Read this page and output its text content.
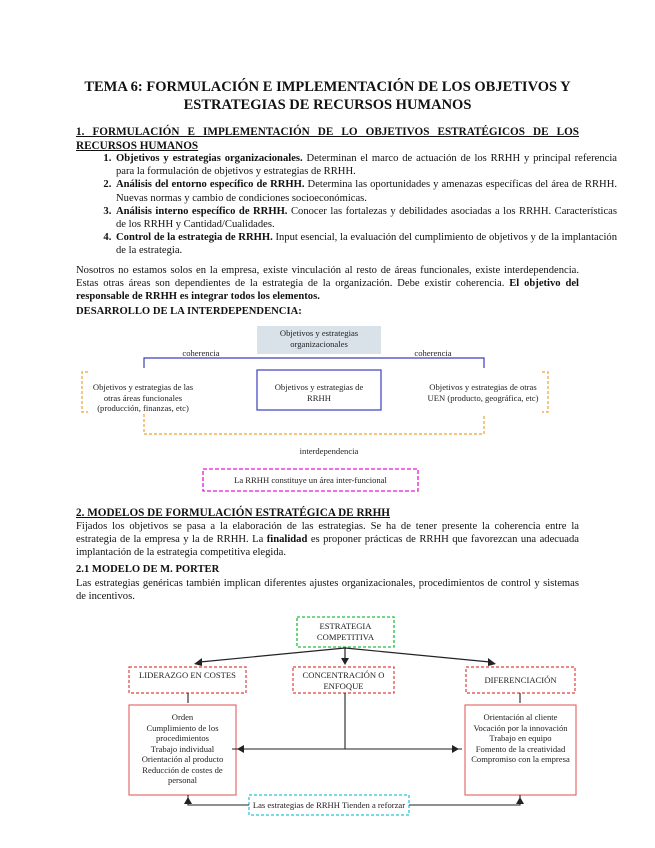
TEMA 6: FORMULACIÓN E IMPLEMENTACIÓN DE LOS OBJETIVOS Y ESTRATEGIAS DE RECURSOS HUMANOS
1. FORMULACIÓN E IMPLEMENTACIÓN DE LO OBJETIVOS ESTRATÉGICOS DE LOS RECURSOS HUMANOS
1. Objetivos y estrategias organizacionales. Determinan el marco de actuación de los RRHH y principal referencia para la formulación de objetivos y estrategias de RRHH.
2. Análisis del entorno específico de RRHH. Determina las oportunidades y amenazas específicas del área de RRHH. Nuevas normas y cambio de condiciones socioeconómicas.
3. Análisis interno específico de RRHH. Conocer las fortalezas y debilidades asociadas a los RRHH. Características de los RRHH y Cantidad/Cualidades.
4. Control de la estrategia de RRHH. Input esencial, la evaluación del cumplimiento de objetivos y de la implantación de la estrategia.
Nosotros no estamos solos en la empresa, existe vinculación al resto de áreas funcionales, existe interdependencia. Estas otras áreas son dependientes de la estrategia de la organización. Debe existir coherencia. El objetivo del responsable de RRHH es integrar todos los elementos.
DESARROLLO DE LA INTERDEPENDENCIA:
Objetivos y estrategias organizacionales
coherencia	coherencia
Objetivos y estrategias de las otras áreas funcionales (producción, finanzas, etc)
Objetivos y estrategias de RRHH
Objetivos y estrategias de otras UEN (producto, geográfica, etc)
interdependencia
La RRHH constituye un área inter-funcional
2. MODELOS DE FORMULACIÓN ESTRATÉGICA DE RRHH
Fijados los objetivos se pasa a la elaboración de las estrategias. Se ha de tener presente la coherencia entre la estrategia de la empresa y la de RRHH. La finalidad es proponer prácticas de RRHH que favorezcan una adecuada implantación de la estrategia competitiva elegida.
2.1 MODELO DE M. PORTER
Las estrategias genéricas también implican diferentes ajustes organizacionales, procedimientos de control y sistemas de incentivos.
ESTRATEGIA COMPETITIVA
LIDERAZGO EN COSTES	CONCENTRACIÓN O ENFOQUE
DIFERENCIACIÓN
Orden
Cumplimiento de los procedimientos
Trabajo individual
Orientación al producto
Reducción de costes de personal
Orientación al cliente
Vocación por la innovación
Trabajo en equipo
Fomento de la creatividad
Compromiso con la empresa
Las estrategias de RRHH Tienden a reforzar
